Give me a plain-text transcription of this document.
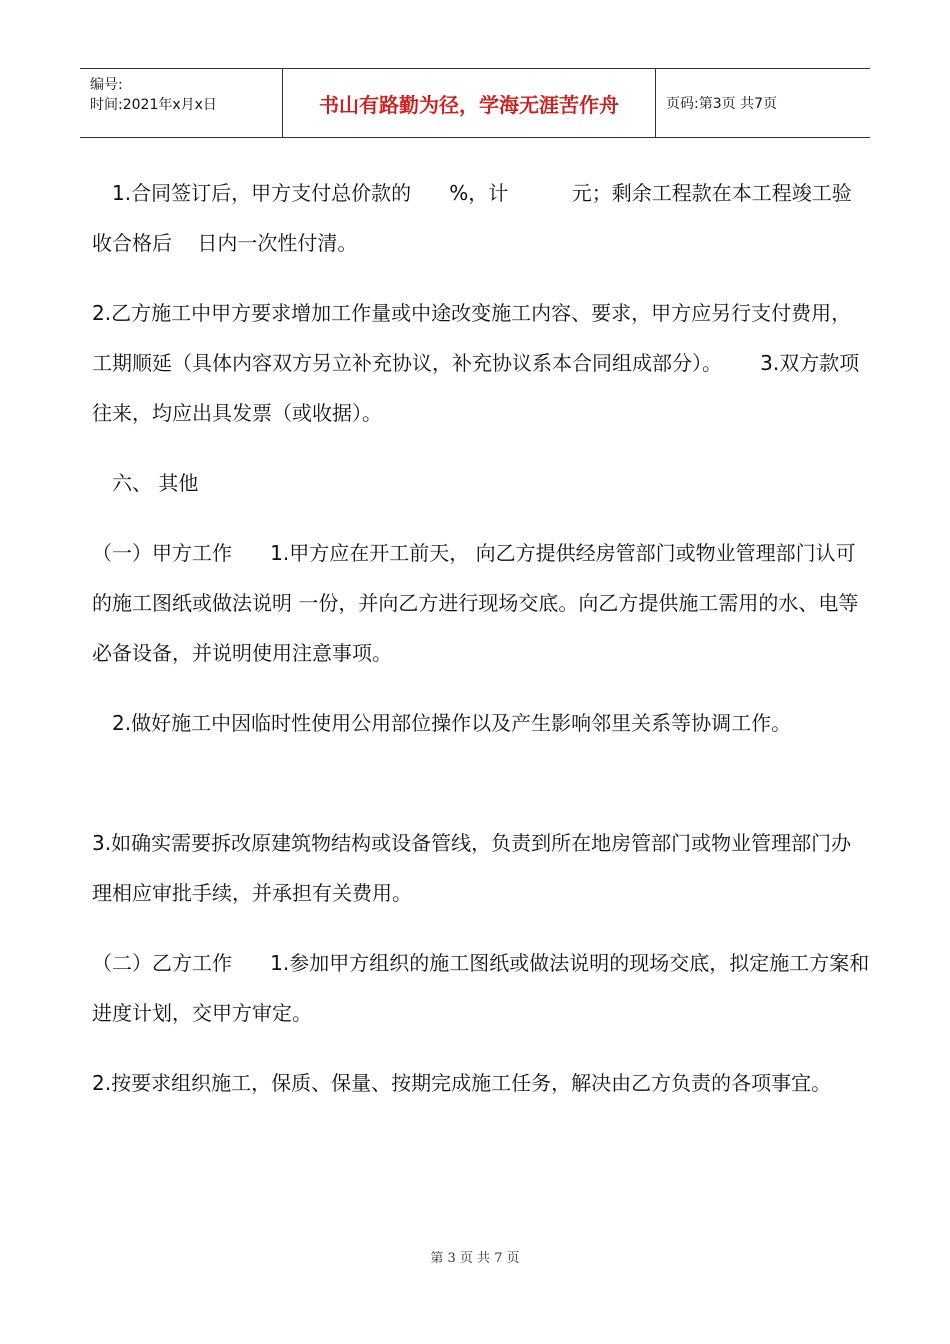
编号:
时间:2021年x月x日	书山有路勤为径，学海无涯苦作舟	页码:第3页 共7页

1.合同签订后，甲方支付总价款的      %，计          元；剩余工程款在本工程竣工验收合格后    日内一次性付清。

2.乙方施工中甲方要求增加工作量或中途改变施工内容、要求，甲方应另行支付费用，工期顺延（具体内容双方另立补充协议，补充协议系本合同组成部分）。      3.双方款项往来，均应出具发票（或收据）。

六、 其他

（一）甲方工作      1.甲方应在开工前天， 向乙方提供经房管部门或物业管理部门认可的施工图纸或做法说明 一份，并向乙方进行现场交底。向乙方提供施工需用的水、电等必备设备，并说明使用注意事项。

2.做好施工中因临时性使用公用部位操作以及产生影响邻里关系等协调工作。

3.如确实需要拆改原建筑物结构或设备管线，负责到所在地房管部门或物业管理部门办理相应审批手续，并承担有关费用。

（二）乙方工作      1.参加甲方组织的施工图纸或做法说明的现场交底，拟定施工方案和进度计划，交甲方审定。

2.按要求组织施工，保质、保量、按期完成施工任务，解决由乙方负责的各项事宜。

第 3 页 共 7 页
